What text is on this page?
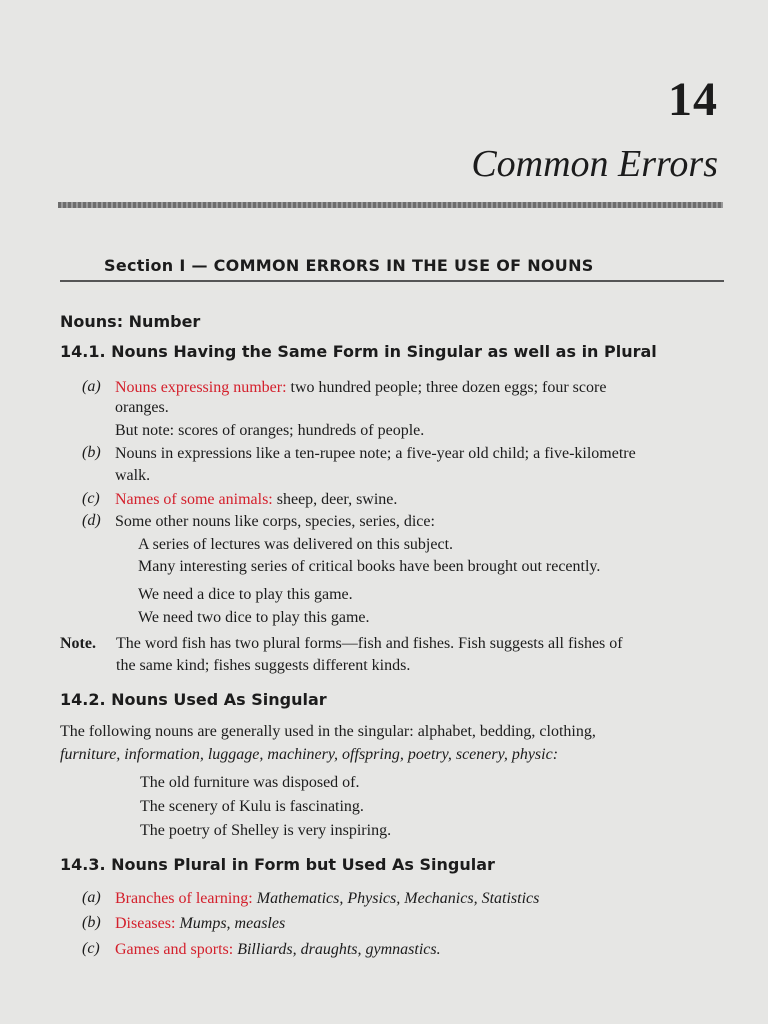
14
Common Errors
Section I — COMMON ERRORS IN THE USE OF NOUNS
Nouns: Number
14.1. Nouns Having the Same Form in Singular as well as in Plural
(a) Nouns expressing number: two hundred people; three dozen eggs; four score
oranges.
But note: scores of oranges; hundreds of people.
(b) Nouns in expressions like a ten-rupee note; a five-year old child; a five-kilometre
walk.
(c) Names of some animals: sheep, deer, swine.
(d) Some other nouns like corps, species, series, dice:
A series of lectures was delivered on this subject.
Many interesting series of critical books have been brought out recently.
We need a dice to play this game.
We need two dice to play this game.
Note. The word fish has two plural forms—fish and fishes. Fish suggests all fishes of
the same kind; fishes suggests different kinds.
14.2. Nouns Used As Singular
The following nouns are generally used in the singular: alphabet, bedding, clothing,
furniture, information, luggage, machinery, offspring, poetry, scenery, physic:
The old furniture was disposed of.
The scenery of Kulu is fascinating.
The poetry of Shelley is very inspiring.
14.3. Nouns Plural in Form but Used As Singular
(a) Branches of learning: Mathematics, Physics, Mechanics, Statistics
(b) Diseases: Mumps, measles
(c) Games and sports: Billiards, draughts, gymnastics.
